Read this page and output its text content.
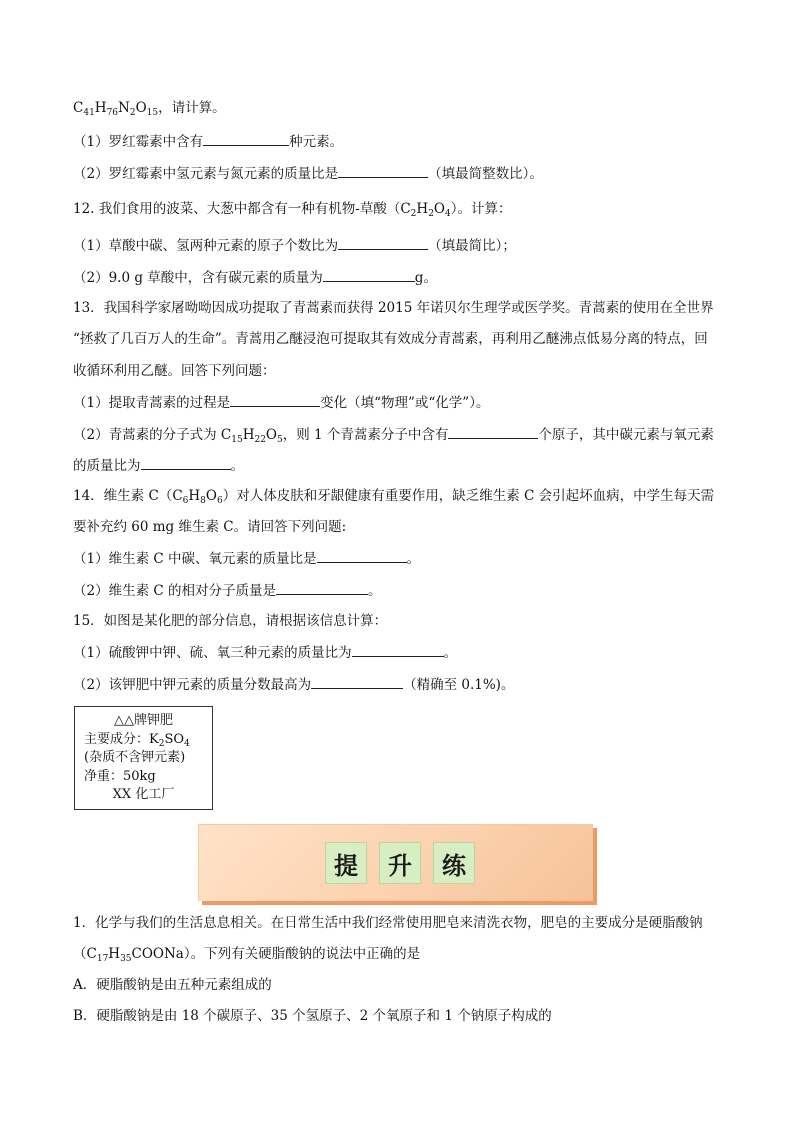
$C_{41}H_{76}N_2O_{15}$，请计算。
（1）罗红霉素中含有	种元素。
（2）罗红霉素中氢元素与氮元素的质量比是	（填最简整数比）。
12. 我们食用的波菜、大葱中都含有一种有机物-草酸$(C_2H_2O_4)$。计算：
（1）草酸中碳、氢两种元素的原子个数比为	（填最简比）；
（2）9.0 g 草酸中，含有碳元素的质量为	g。
13．我国科学家屠呦呦因成功提取了青蒿素而获得 2015 年诺贝尔生理学或医学奖。青蒿素的使用在全世界
“拯救了几百万人的生命”。青蒿用乙醚浸泡可提取其有效成分青蒿素，再利用乙醚沸点低易分离的特点，回
收循环利用乙醚。回答下列问题：
（1）提取青蒿素的过程是	变化（填“物理”或“化学”）。
（2）青蒿素的分子式为 $C_{15}H_{22}O_5$，则 1 个青蒿素分子中含有	个原子，其中碳元素与氧元素
的质量比为	。
14．维生素 $C(C_6H_8O_6)$对人体皮肤和牙龈健康有重要作用，缺乏维生素 C 会引起坏血病，中学生每天需
要补充约 60 mg 维生素 C。请回答下列问题:
（1）维生素 C 中碳、氧元素的质量比是	。
（2）维生素 C 的相对分子质量是	。
15．如图是某化肥的部分信息，请根据该信息计算：
（1）硫酸钾中钾、硫、氧三种元素的质量比为	。
（2）该钾肥中钾元素的质量分数最高为	（精确至 0.1%)。
△△牌钾肥
主要成分：$K_2SO_4$
(杂质不含钾元素)
净重：50kg
XX 化工厂
提	升	练
1．化学与我们的生活息息相关。在日常生活中我们经常使用肥皂来清洗衣物，肥皂的主要成分是硬脂酸钠
$(C_{17}H_{35}COONa)$。下列有关硬脂酸钠的说法中正确的是
A．硬脂酸钠是由五种元素组成的
B．硬脂酸钠是由 18 个碳原子、35 个氢原子、2 个氧原子和 1 个钠原子构成的
